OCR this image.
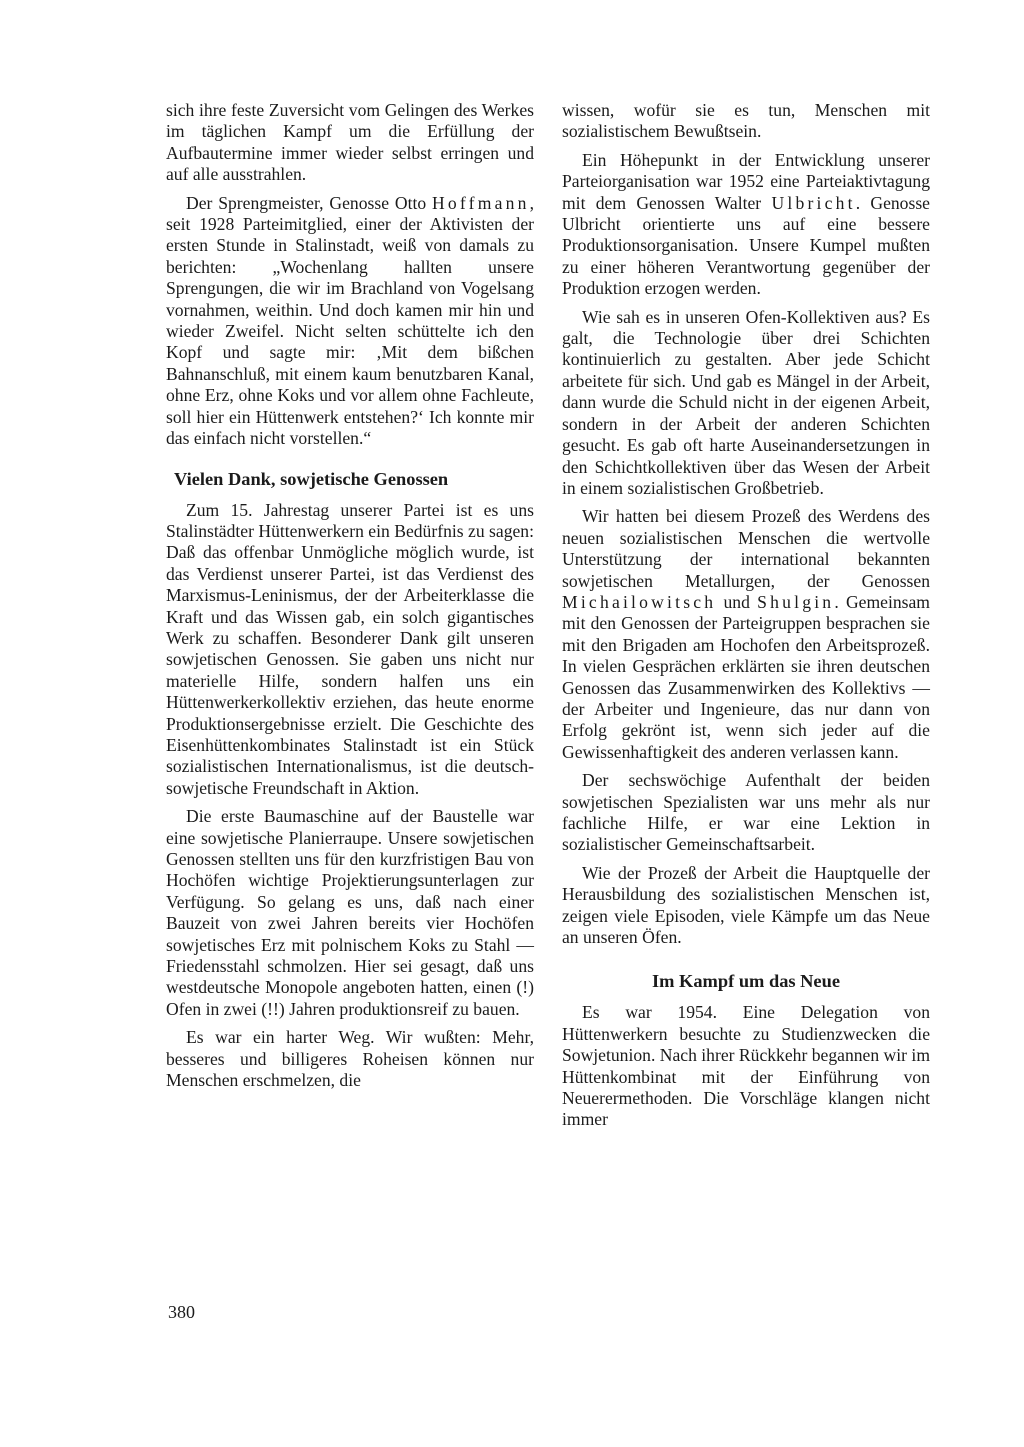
sich ihre feste Zuversicht vom Gelingen des Werkes im täglichen Kampf um die Erfüllung der Aufbautermine immer wieder selbst erringen und auf alle ausstrahlen.

Der Sprengmeister, Genosse Otto Hoffmann, seit 1928 Parteimitglied, einer der Aktivisten der ersten Stunde in Stalinstadt, weiß von damals zu berichten: „Wochenlang hallten unsere Sprengungen, die wir im Brachland von Vogelsang vornahmen, weithin. Und doch kamen mir hin und wieder Zweifel. Nicht selten schüttelte ich den Kopf und sagte mir: ‚Mit dem bißchen Bahnanschluß, mit einem kaum benutzbaren Kanal, ohne Erz, ohne Koks und vor allem ohne Fachleute, soll hier ein Hüttenwerk entstehen?‘ Ich konnte mir das einfach nicht vorstellen.“

Vielen Dank, sowjetische Genossen

Zum 15. Jahrestag unserer Partei ist es uns Stalinstädter Hüttenwerkern ein Bedürfnis zu sagen: Daß das offenbar Unmögliche möglich wurde, ist das Verdienst unserer Partei, ist das Verdienst des Marxismus-Leninismus, der der Arbeiterklasse die Kraft und das Wissen gab, ein solch gigantisches Werk zu schaffen. Besonderer Dank gilt unseren sowjetischen Genossen. Sie gaben uns nicht nur materielle Hilfe, sondern halfen uns ein Hüttenwerkerkollektiv erziehen, das heute enorme Produktionsergebnisse erzielt. Die Geschichte des Eisenhüttenkombinates Stalinstadt ist ein Stück sozialistischen Internationalismus, ist die deutsch-sowjetische Freundschaft in Aktion.

Die erste Baumaschine auf der Baustelle war eine sowjetische Planierraupe. Unsere sowjetischen Genossen stellten uns für den kurzfristigen Bau von Hochöfen wichtige Projektierungsunterlagen zur Verfügung. So gelang es uns, daß nach einer Bauzeit von zwei Jahren bereits vier Hochöfen sowjetisches Erz mit polnischem Koks zu Stahl — Friedensstahl schmolzen. Hier sei gesagt, daß uns westdeutsche Monopole angeboten hatten, einen (!) Ofen in zwei (!!) Jahren produktionsreif zu bauen.

Es war ein harter Weg. Wir wußten: Mehr, besseres und billigeres Roheisen können nur Menschen erschmelzen, die

wissen, wofür sie es tun, Menschen mit sozialistischem Bewußtsein.

Ein Höhepunkt in der Entwicklung unserer Parteiorganisation war 1952 eine Parteiaktivtagung mit dem Genossen Walter Ulbricht. Genosse Ulbricht orientierte uns auf eine bessere Produktionsorganisation. Unsere Kumpel mußten zu einer höheren Verantwortung gegenüber der Produktion erzogen werden.

Wie sah es in unseren Ofen-Kollektiven aus? Es galt, die Technologie über drei Schichten kontinuierlich zu gestalten. Aber jede Schicht arbeitete für sich. Und gab es Mängel in der Arbeit, dann wurde die Schuld nicht in der eigenen Arbeit, sondern in der Arbeit der anderen Schichten gesucht. Es gab oft harte Auseinandersetzungen in den Schichtkollektiven über das Wesen der Arbeit in einem sozialistischen Großbetrieb.

Wir hatten bei diesem Prozeß des Werdens des neuen sozialistischen Menschen die wertvolle Unterstützung der international bekannten sowjetischen Metallurgen, der Genossen Michailowitsch und Shulgin. Gemeinsam mit den Genossen der Parteigruppen besprachen sie mit den Brigaden am Hochofen den Arbeitsprozeß. In vielen Gesprächen erklärten sie ihren deutschen Genossen das Zusammenwirken des Kollektivs — der Arbeiter und Ingenieure, das nur dann von Erfolg gekrönt ist, wenn sich jeder auf die Gewissenhaftigkeit des anderen verlassen kann.

Der sechswöchige Aufenthalt der beiden sowjetischen Spezialisten war uns mehr als nur fachliche Hilfe, er war eine Lektion in sozialistischer Gemeinschaftsarbeit.

Wie der Prozeß der Arbeit die Hauptquelle der Herausbildung des sozialistischen Menschen ist, zeigen viele Episoden, viele Kämpfe um das Neue an unseren Öfen.

Im Kampf um das Neue

Es war 1954. Eine Delegation von Hüttenwerkern besuchte zu Studienzwecken die Sowjetunion. Nach ihrer Rückkehr begannen wir im Hüttenkombinat mit der Einführung von Neuerermethoden. Die Vorschläge klangen nicht immer

380
